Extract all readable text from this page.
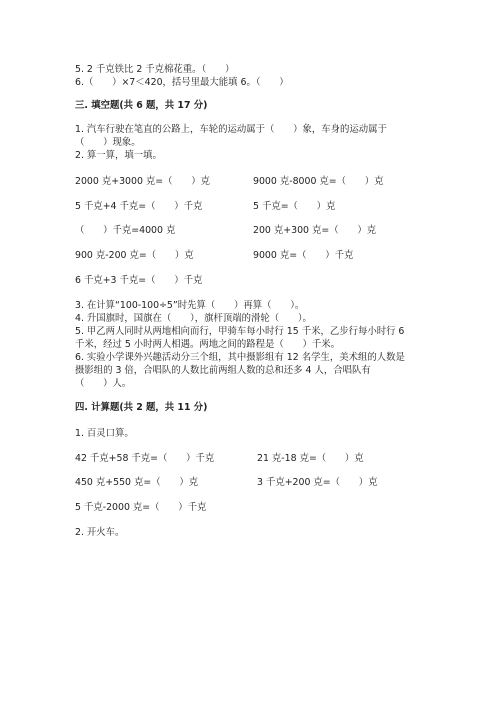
5. 2 千克铁比 2 千克棉花重。（　　）
6.（　　）×7＜420，括号里最大能填 6。（　　）
三. 填空题(共 6 题，共 17 分)
1. 汽车行驶在笔直的公路上，车轮的运动属于（　　）象，车身的运动属于
（　　）现象。
2. 算一算，填一填。
2000 克+3000 克=（　　）克	9000 克-8000 克=（　　）克
5 千克+4 千克=（　　）千克	5 千克=（　　）克
（　　）千克=4000 克	200 克+300 克=（　　）克
900 克-200 克=（　　）克	9000 克=（　　）千克
6 千克+3 千克=（　　）千克
3. 在计算“100-100÷5”时先算（　　）再算（　　）。
4. 升国旗时，国旗在（　　），旗杆顶端的滑轮（　　）。
5. 甲乙两人同时从两地相向而行，甲骑车每小时行 15 千米，乙步行每小时行 6
千米，经过 5 小时两人相遇。两地之间的路程是（　　）千米。
6. 实验小学课外兴趣活动分三个组，其中摄影组有 12 名学生，美术组的人数是
摄影组的 3 倍，合唱队的人数比前两组人数的总和还多 4 人，合唱队有
（　　）人。
四. 计算题(共 2 题，共 11 分)
1. 百灵口算。
42 千克+58 千克=（　　）千克	21 克-18 克=（　　）克
450 克+550 克=（　　）克	3 千克+200 克=（　　）克
5 千克-2000 克=（　　）千克
2. 开火车。
